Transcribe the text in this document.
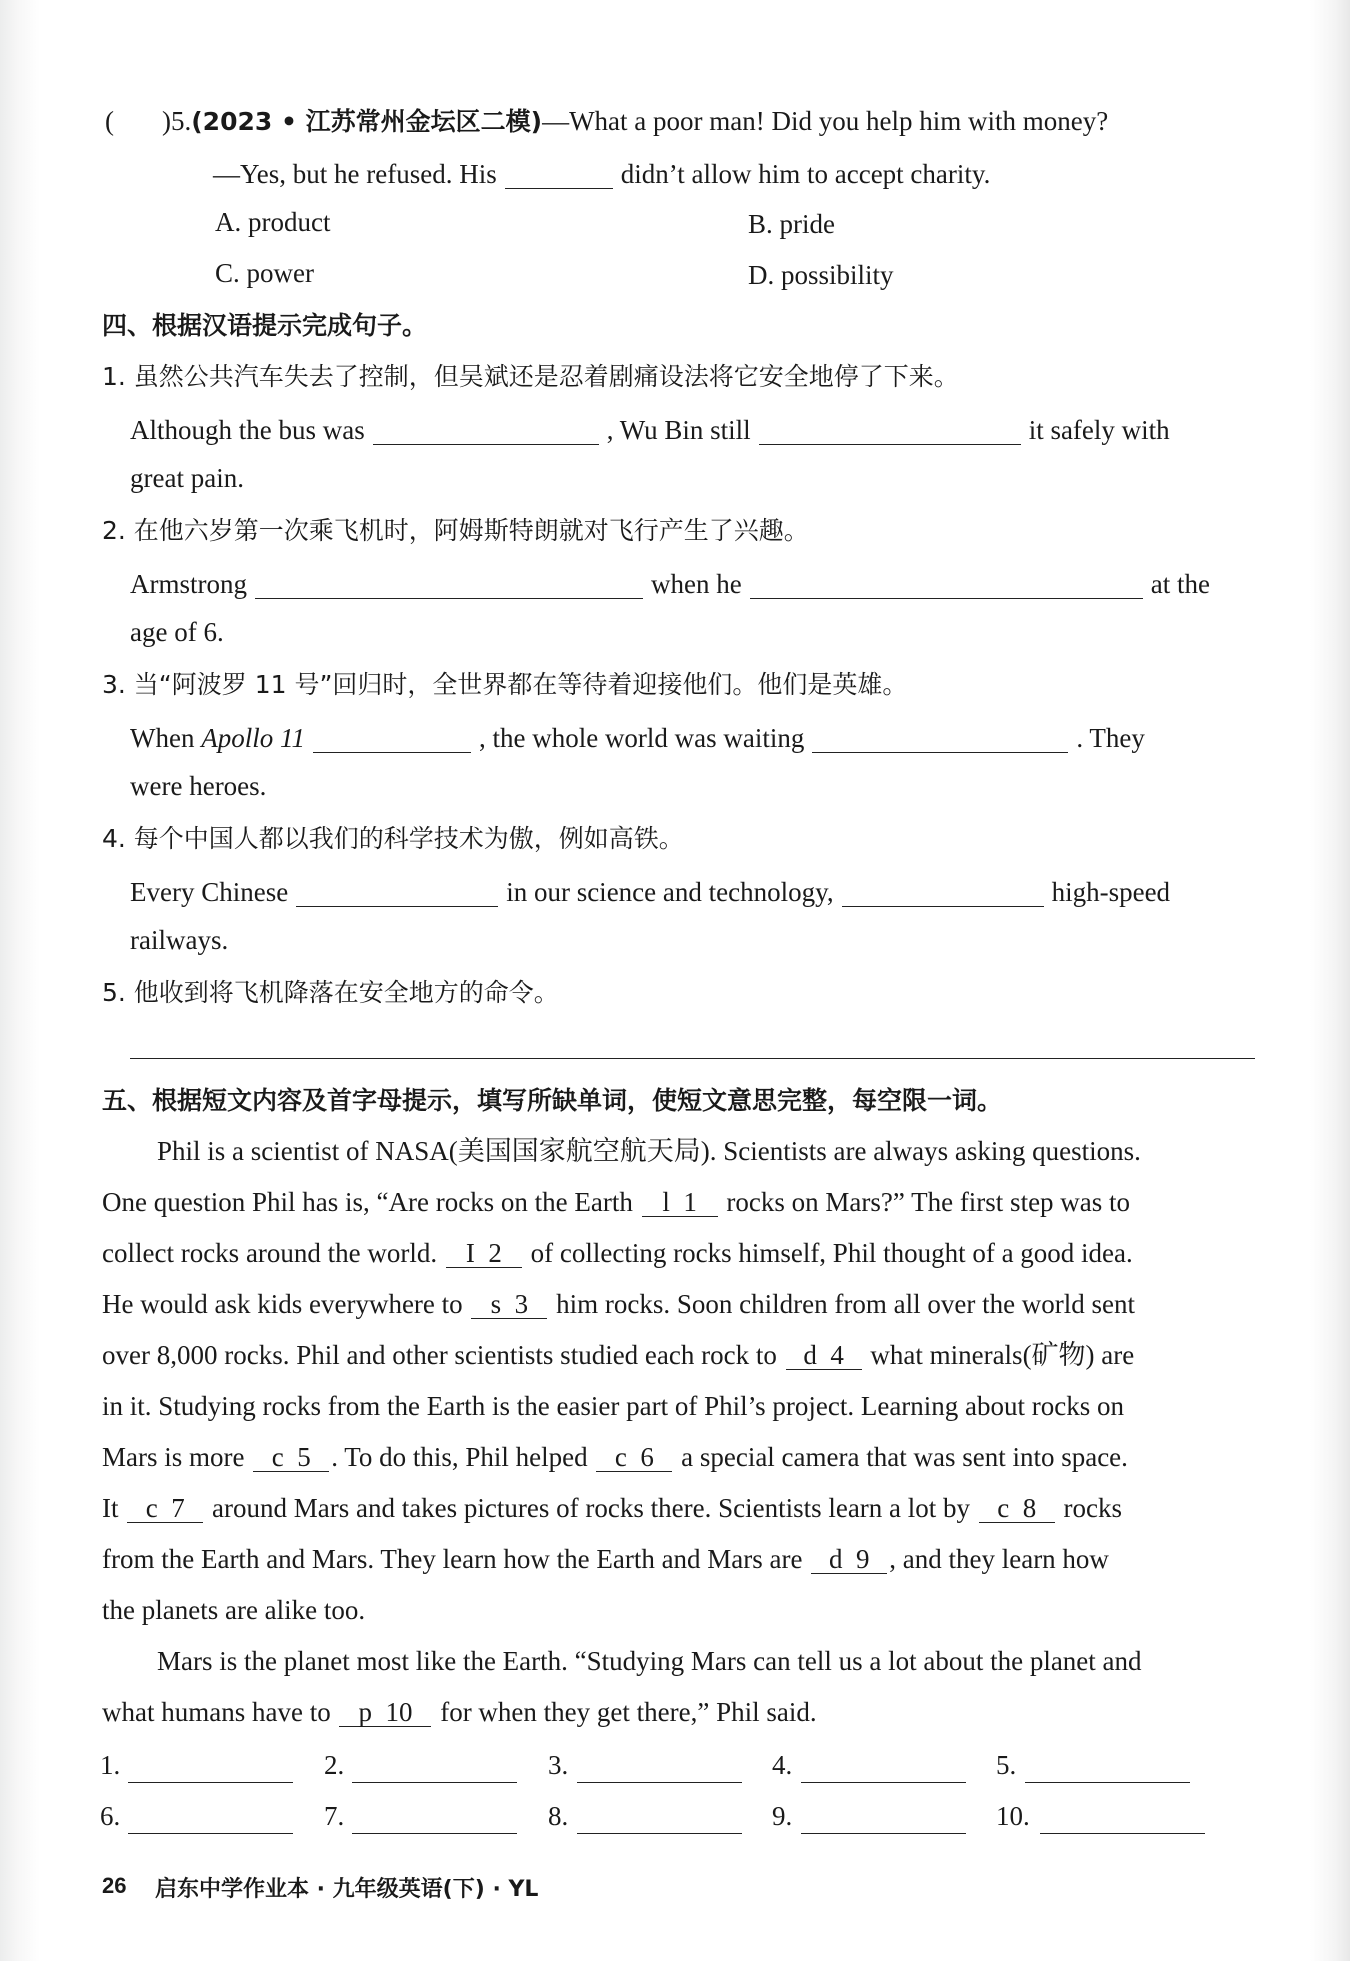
( )5.(2023 • 江苏常州金坛区二模)—What a poor man! Did you help him with money?
—Yes, but he refused. His	didn’t allow him to accept charity.
A. product	B. pride
C. power	D. possibility
四、根据汉语提示完成句子。
1. 虽然公共汽车失去了控制，但吴斌还是忍着剧痛设法将它安全地停了下来。
Although the bus was	, Wu Bin still	it safely with
great pain.
2. 在他六岁第一次乘飞机时，阿姆斯特朗就对飞行产生了兴趣。
Armstrong	when he	at the
age of 6.
3. 当“阿波罗 11 号”回归时，全世界都在等待着迎接他们。他们是英雄。
When Apollo 11	, the whole world was waiting	. They
were heroes.
4. 每个中国人都以我们的科学技术为傲，例如高铁。
Every Chinese	in our science and technology,	high-speed
railways.
5. 他收到将飞机降落在安全地方的命令。
五、根据短文内容及首字母提示，填写所缺单词，使短文意思完整，每空限一词。
Phil is a scientist of NASA(美国国家航空航天局). Scientists are always asking questions.
One question Phil has is, “Are rocks on the Earth l 1 rocks on Mars?” The first step was to
collect rocks around the world. I 2 of collecting rocks himself, Phil thought of a good idea.
He would ask kids everywhere to s 3 him rocks. Soon children from all over the world sent
over 8,000 rocks. Phil and other scientists studied each rock to d 4 what minerals(矿物) are
in it. Studying rocks from the Earth is the easier part of Phil’s project. Learning about rocks on
Mars is more c 5 . To do this, Phil helped c 6 a special camera that was sent into space.
It c 7 around Mars and takes pictures of rocks there. Scientists learn a lot by c 8 rocks
from the Earth and Mars. They learn how the Earth and Mars are d 9 , and they learn how
the planets are alike too.
Mars is the planet most like the Earth. “Studying Mars can tell us a lot about the planet and
what humans have to p 10 for when they get there,” Phil said.
1.	2.	3.	4.	5.
6.	7.	8.	9.	10.
26 启东中学作业本 · 九年级英语(下) · YL
